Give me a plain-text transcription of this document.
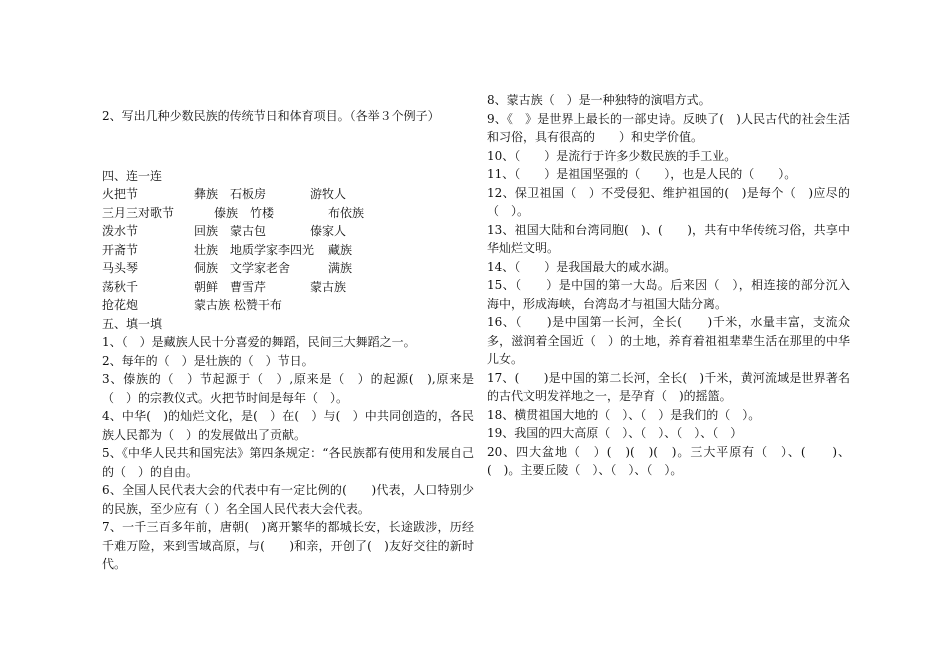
2、写出几种少数民族的传统节日和体育项目。（各举３个例子）

四、连一连

火把节	彝族　石板房	游牧人
三月三对歌节	傣族　竹楼	布依族
泼水节	回族　蒙古包	傣家人
开斋节	壮族　地质学家李四光 藏族
马头琴	侗族　文学家老舍	满族
荡秋千	朝鲜　曹雪芹	蒙古族
抢花炮	蒙古族 松赞干布

五、填一填

1、（　）是藏族人民十分喜爱的舞蹈，民间三大舞蹈之一。

2、每年的（　）是壮族的（　）节日。

3、傣族的（　）节起源于（　）,原来是（　）的起源(　),原来是（　）的宗教仪式。火把节时间是每年（　）。

4、中华(　)的灿烂文化，是(　）在(　）与(　）中共同创造的，各民族人民都为（　）的发展做出了贡献。

5、《中华人民共和国宪法》第四条规定：“各民族都有使用和发展自己的（　）的自由。

6、全国人民代表大会的代表中有一定比例的(　　)代表，人口特别少的民族，至少应有（ ）名全国人民代表大会代表。

7、一千三百多年前，唐朝(　)离开繁华的都城长安，长途跋涉，历经千难万险，来到雪域高原，与(　　)和亲，开创了(　)友好交往的新时代。

8、蒙古族（　）是一种独特的演唱方式。

9、《　》是世界上最长的一部史诗。反映了(　)人民古代的社会生活和习俗，具有很高的　　）和史学价值。

10、（　　）是流行于许多少数民族的手工业。

11、（　　）是祖国坚强的（　　），也是人民的（　　）。

12、保卫祖国（　）不受侵犯、维护祖国的(　)是每个（　)应尽的（　）。

13、祖国大陆和台湾同胞(　)、(　　)，共有中华传统习俗，共享中华灿烂文明。

14、（　　）是我国最大的咸水湖。

15、（　　）是中国的第一大岛。后来因（　），相连接的部分沉入海中，形成海峡，台湾岛才与祖国大陆分离。

16、（　　)是中国第一长河，全长(　　)千米，水量丰富，支流众多，滋润着全国近（　）的土地，养育着祖祖辈辈生活在那里的中华儿女。

17、(　　)是中国的第二长河，全长(　)千米，黄河流域是世界著名的古代文明发祥地之一，是孕育（　)的摇篮。

18、横贯祖国大地的（　）、（　）是我们的（　）。

19、我国的四大高原（　）、（　）、（　）、（　）

20、四大盆地（　）(　)(　)(　)。三大平原有（　）、(　　)、(　)。主要丘陵（　）、（　）、（　）。
